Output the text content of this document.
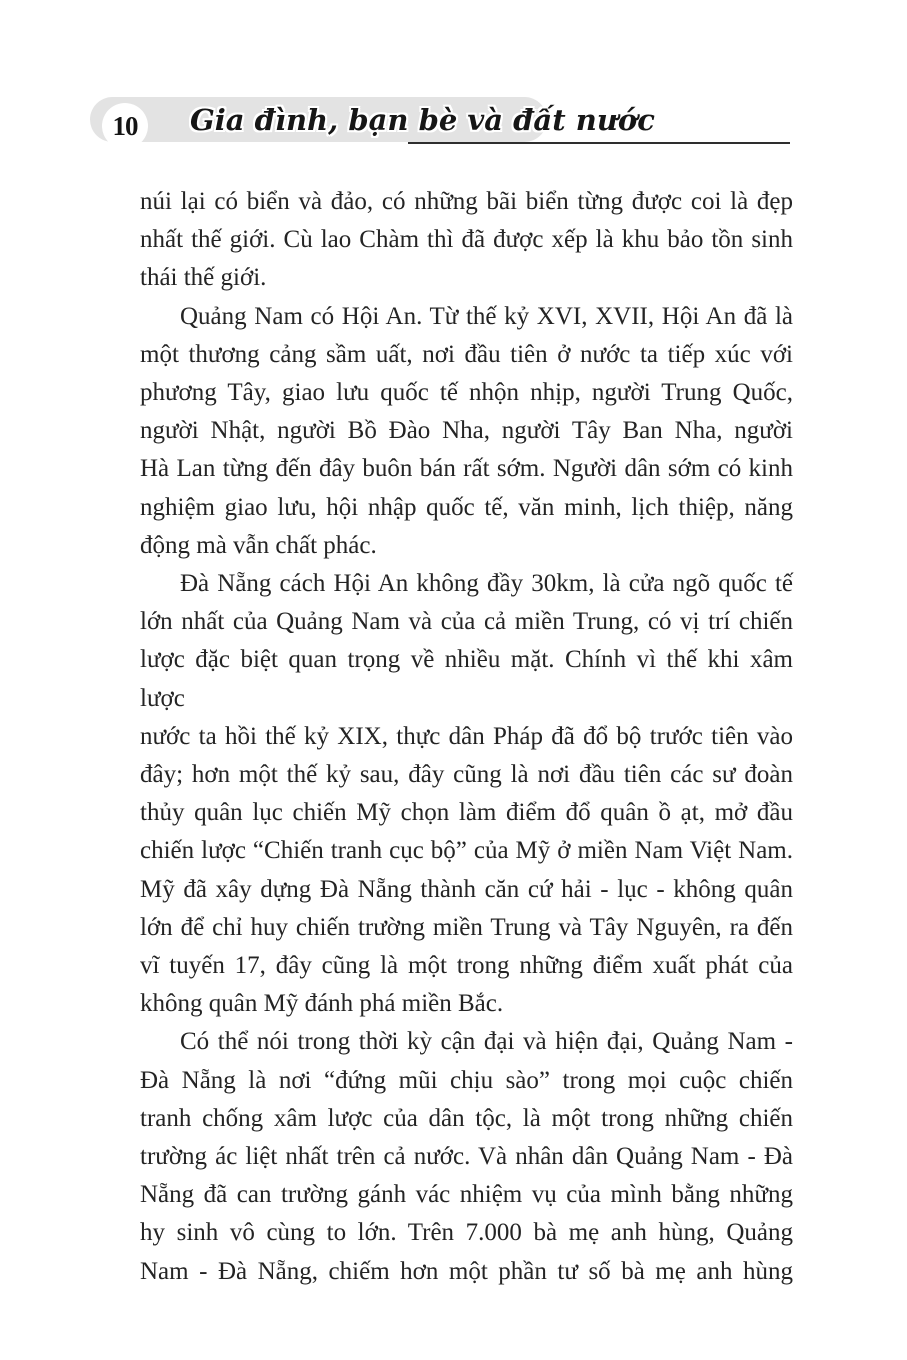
10 Gia đình, bạn bè và đất nước
núi lại có biển và đảo, có những bãi biển từng được coi là đẹp
nhất thế giới. Cù lao Chàm thì đã được xếp là khu bảo tồn sinh
thái thế giới.
Quảng Nam có Hội An. Từ thế kỷ XVI, XVII, Hội An đã là
một thương cảng sầm uất, nơi đầu tiên ở nước ta tiếp xúc với
phương Tây, giao lưu quốc tế nhộn nhịp, người Trung Quốc,
người Nhật, người Bồ Đào Nha, người Tây Ban Nha, người
Hà Lan từng đến đây buôn bán rất sớm. Người dân sớm có kinh
nghiệm giao lưu, hội nhập quốc tế, văn minh, lịch thiệp, năng
động mà vẫn chất phác.
Đà Nẵng cách Hội An không đầy 30km, là cửa ngõ quốc tế
lớn nhất của Quảng Nam và của cả miền Trung, có vị trí chiến
lược đặc biệt quan trọng về nhiều mặt. Chính vì thế khi xâm lược
nước ta hồi thế kỷ XIX, thực dân Pháp đã đổ bộ trước tiên vào
đây; hơn một thế kỷ sau, đây cũng là nơi đầu tiên các sư đoàn
thủy quân lục chiến Mỹ chọn làm điểm đổ quân ồ ạt, mở đầu
chiến lược “Chiến tranh cục bộ” của Mỹ ở miền Nam Việt Nam.
Mỹ đã xây dựng Đà Nẵng thành căn cứ hải - lục - không quân
lớn để chỉ huy chiến trường miền Trung và Tây Nguyên, ra đến
vĩ tuyến 17, đây cũng là một trong những điểm xuất phát của
không quân Mỹ đánh phá miền Bắc.
Có thể nói trong thời kỳ cận đại và hiện đại, Quảng Nam -
Đà Nẵng là nơi “đứng mũi chịu sào” trong mọi cuộc chiến
tranh chống xâm lược của dân tộc, là một trong những chiến
trường ác liệt nhất trên cả nước. Và nhân dân Quảng Nam - Đà
Nẵng đã can trường gánh vác nhiệm vụ của mình bằng những
hy sinh vô cùng to lớn. Trên 7.000 bà mẹ anh hùng, Quảng
Nam - Đà Nẵng, chiếm hơn một phần tư số bà mẹ anh hùng
